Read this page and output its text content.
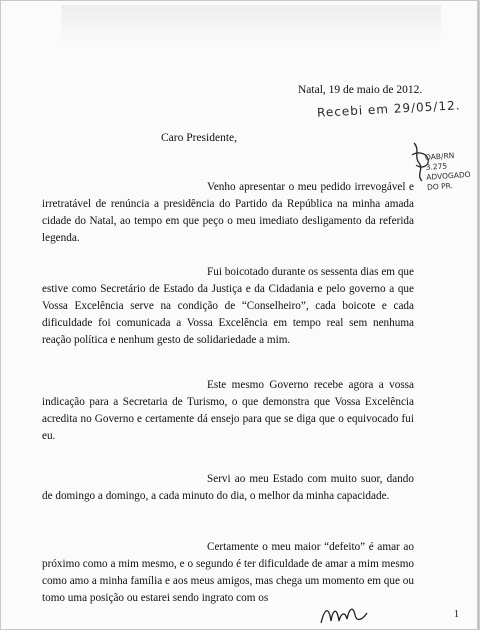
Natal, 19 de maio de 2012.
Recebi em 29/05/12.
Caro Presidente,
OAB/RN
3.275
ADVOGADO
DO PR.

Venho apresentar o meu pedido irrevogável e irretratável de renúncia a presidência do Partido da República na minha amada cidade do Natal, ao tempo em que peço o meu imediato desligamento da referida legenda.

Fui boicotado durante os sessenta dias em que estive como Secretário de Estado da Justiça e da Cidadania e pelo governo a que Vossa Excelência serve na condição de “Conselheiro”, cada boicote e cada dificuldade foi comunicada a Vossa Excelência em tempo real sem nenhuma reação política e nenhum gesto de solidariedade a mim.

Este mesmo Governo recebe agora a vossa indicação para a Secretaria de Turismo, o que demonstra que Vossa Excelência acredita no Governo e certamente dá ensejo para que se diga que o equivocado fui eu.

Servi ao meu Estado com muito suor, dando de domingo a domingo, a cada minuto do dia, o melhor da minha capacidade.

Certamente o meu maior “defeito” é amar ao próximo como a mim mesmo, e o segundo é ter dificuldade de amar a mim mesmo como amo a minha família e aos meus amigos, mas chega um momento em que ou tomo uma posição ou estarei sendo ingrato com os

1
